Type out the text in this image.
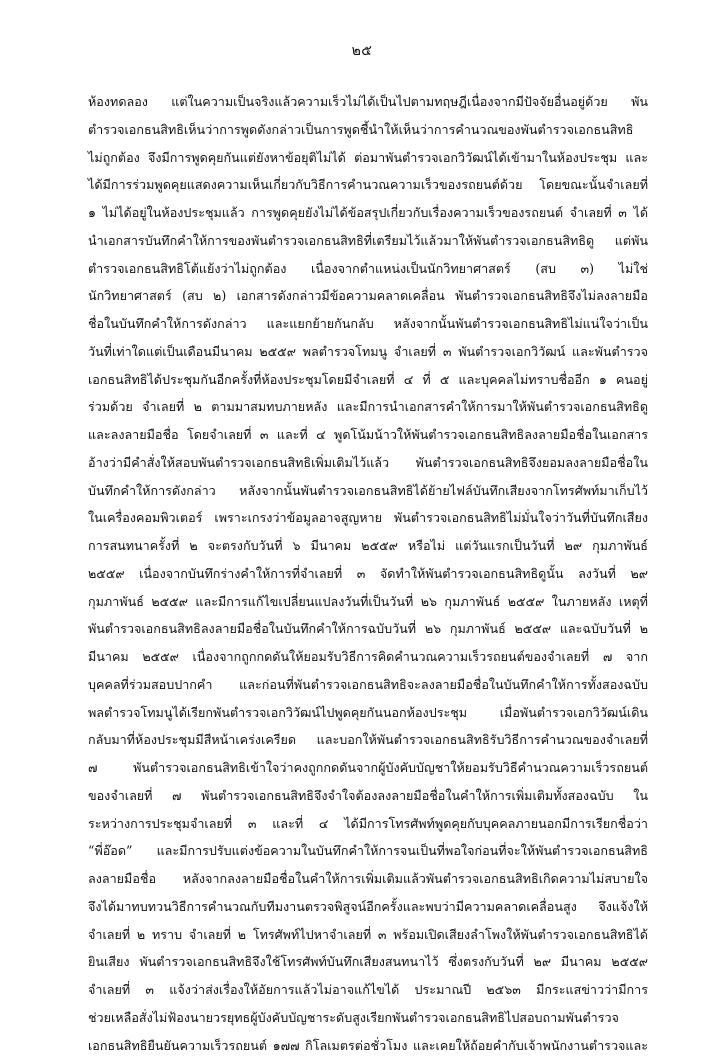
๒๕
ห้องทดลอง แต่ในความเป็นจริงแล้วความเร็วไม่ได้เป็นไปตามทฤษฎีเนื่องจากมีปัจจัยอื่นอยู่ด้วย พัน
ตำรวจเอกธนสิทธิเห็นว่าการพูดดังกล่าวเป็นการพูดชี้นำให้เห็นว่าการคำนวณของพันตำรวจเอกธนสิทธิ
ไม่ถูกต้อง จึงมีการพูดคุยกันแต่ยังหาข้อยุติไม่ได้ ต่อมาพันตำรวจเอกวิวัฒน์ได้เข้ามาในห้องประชุม และ
ได้มีการร่วมพูดคุยแสดงความเห็นเกี่ยวกับวิธีการคำนวณความเร็วของรถยนต์ด้วย โดยขณะนั้นจำเลยที่
๑ ไม่ได้อยู่ในห้องประชุมแล้ว การพูดคุยยังไม่ได้ข้อสรุปเกี่ยวกับเรื่องความเร็วของรถยนต์ จำเลยที่ ๓ ได้
นำเอกสารบันทึกคำให้การของพันตำรวจเอกธนสิทธิที่เตรียมไว้แล้วมาให้พันตำรวจเอกธนสิทธิดู แต่พัน
ตำรวจเอกธนสิทธิโต้แย้งว่าไม่ถูกต้อง เนื่องจากตำแหน่งเป็นนักวิทยาศาสตร์ (สบ ๓) ไม่ใช่
นักวิทยาศาสตร์ (สบ ๒) เอกสารดังกล่าวมีข้อความคลาดเคลื่อน พันตำรวจเอกธนสิทธิจึงไม่ลงลายมือ
ชื่อในบันทึกคำให้การดังกล่าว และแยกย้ายกันกลับ หลังจากนั้นพันตำรวจเอกธนสิทธิไม่แน่ใจว่าเป็น
วันที่เท่าใดแต่เป็นเดือนมีนาคม ๒๕๕๙ พลตำรวจโทมนู จำเลยที่ ๓ พันตำรวจเอกวิวัฒน์ และพันตำรวจ
เอกธนสิทธิได้ประชุมกันอีกครั้งที่ห้องประชุมโดยมีจำเลยที่ ๔ ที่ ๕ และบุคคลไม่ทราบชื่ออีก ๑ คนอยู่
ร่วมด้วย จำเลยที่ ๒ ตามมาสมทบภายหลัง และมีการนำเอกสารคำให้การมาให้พันตำรวจเอกธนสิทธิดู
และลงลายมือชื่อ โดยจำเลยที่ ๓ และที่ ๔ พูดโน้มน้าวให้พันตำรวจเอกธนสิทธิลงลายมือชื่อในเอกสาร
อ้างว่ามีคำสั่งให้สอบพันตำรวจเอกธนสิทธิเพิ่มเติมไว้แล้ว พันตำรวจเอกธนสิทธิจึงยอมลงลายมือชื่อใน
บันทึกคำให้การดังกล่าว หลังจากนั้นพันตำรวจเอกธนสิทธิได้ย้ายไฟล์บันทึกเสียงจากโทรศัพท์มาเก็บไว้
ในเครื่องคอมพิวเตอร์ เพราะเกรงว่าข้อมูลอาจสูญหาย พันตำรวจเอกธนสิทธิไม่มั่นใจว่าวันที่บันทึกเสียง
การสนทนาครั้งที่ ๒ จะตรงกับวันที่ ๖ มีนาคม ๒๕๕๙ หรือไม่ แต่วันแรกเป็นวันที่ ๒๙ กุมภาพันธ์
๒๕๕๙ เนื่องจากบันทึกร่างคำให้การที่จำเลยที่ ๓ จัดทำให้พันตำรวจเอกธนสิทธิดูนั้น ลงวันที่ ๒๙
กุมภาพันธ์ ๒๕๕๙ และมีการแก้ไขเปลี่ยนแปลงวันที่เป็นวันที่ ๒๖ กุมภาพันธ์ ๒๕๕๙ ในภายหลัง เหตุที่
พันตำรวจเอกธนสิทธิลงลายมือชื่อในบันทึกคำให้การฉบับวันที่ ๒๖ กุมภาพันธ์ ๒๕๕๙ และฉบับวันที่ ๒
มีนาคม ๒๕๕๙ เนื่องจากถูกกดดันให้ยอมรับวิธีการคิดคำนวณความเร็วรถยนต์ของจำเลยที่ ๗ จาก
บุคคลที่ร่วมสอบปากคำ และก่อนที่พันตำรวจเอกธนสิทธิจะลงลายมือชื่อในบันทึกคำให้การทั้งสองฉบับ
พลตำรวจโทมนูได้เรียกพันตำรวจเอกวิวัฒน์ไปพูดคุยกันนอกห้องประชุม เมื่อพันตำรวจเอกวิวัฒน์เดิน
กลับมาที่ห้องประชุมมีสีหน้าเคร่งเครียด และบอกให้พันตำรวจเอกธนสิทธิรับวิธีการคำนวณของจำเลยที่
๗ พันตำรวจเอกธนสิทธิเข้าใจว่าคงถูกกดดันจากผู้บังคับบัญชาให้ยอมรับวิธีคำนวณความเร็วรถยนต์
ของจำเลยที่ ๗ พันตำรวจเอกธนสิทธิจึงจำใจต้องลงลายมือชื่อในคำให้การเพิ่มเติมทั้งสองฉบับ ใน
ระหว่างการประชุมจำเลยที่ ๓ และที่ ๔ ได้มีการโทรศัพท์พูดคุยกับบุคคลภายนอกมีการเรียกชื่อว่า
“พี่อ๊อด” และมีการปรับแต่งข้อความในบันทึกคำให้การจนเป็นที่พอใจก่อนที่จะให้พันตำรวจเอกธนสิทธิ
ลงลายมือชื่อ หลังจากลงลายมือชื่อในคำให้การเพิ่มเติมแล้วพันตำรวจเอกธนสิทธิเกิดความไม่สบายใจ
จึงได้มาทบทวนวิธีการคำนวณกับทีมงานตรวจพิสูจน์อีกครั้งและพบว่ามีความคลาดเคลื่อนสูง จึงแจ้งให้
จำเลยที่ ๒ ทราบ จำเลยที่ ๒ โทรศัพท์ไปหาจำเลยที่ ๓ พร้อมเปิดเสียงลำโพงให้พันตำรวจเอกธนสิทธิได้
ยินเสียง พันตำรวจเอกธนสิทธิจึงใช้โทรศัพท์บันทึกเสียงสนทนาไว้ ซึ่งตรงกับวันที่ ๒๙ มีนาคม ๒๕๕๙
จำเลยที่ ๓ แจ้งว่าส่งเรื่องให้อัยการแล้วไม่อาจแก้ไขได้ ประมาณปี ๒๕๖๓ มีกระแสข่าวว่ามีการ
ช่วยเหลือสั่งไม่ฟ้องนายวรยุทธผู้บังคับบัญชาระดับสูงเรียกพันตำรวจเอกธนสิทธิไปสอบถามพันตำรวจ
เอกธนสิทธิยืนยันความเร็วรถยนต์ ๑๗๗ กิโลเมตรต่อชั่วโมง และเคยให้ถ้อยคำกับเจ้าพนักงานตำรวจและ
